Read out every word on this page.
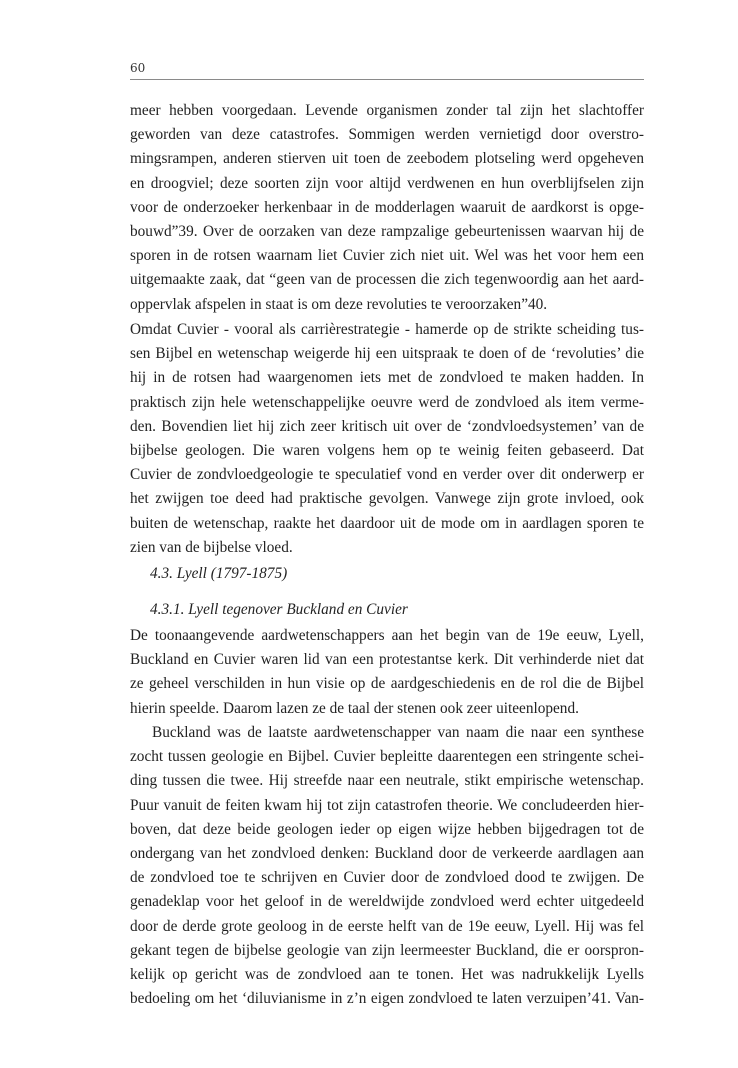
60
meer hebben voorgedaan. Levende organismen zonder tal zijn het slachtoffer
geworden van deze catastrofes. Sommigen werden vernietigd door overstro-
mingsrampen, anderen stierven uit toen de zeebodem plotseling werd opgeheven
en droogviel; deze soorten zijn voor altijd verdwenen en hun overblijfselen zijn
voor de onderzoeker herkenbaar in de modderlagen waaruit de aardkorst is opge-
bouwd”39. Over de oorzaken van deze rampzalige gebeurtenissen waarvan hij de
sporen in de rotsen waarnam liet Cuvier zich niet uit. Wel was het voor hem een
uitgemaakte zaak, dat “geen van de processen die zich tegenwoordig aan het aard-
oppervlak afspelen in staat is om deze revoluties te veroorzaken”40.
Omdat Cuvier - vooral als carrièrestrategie - hamerde op de strikte scheiding tus-
sen Bijbel en wetenschap weigerde hij een uitspraak te doen of de ‘revoluties’ die
hij in de rotsen had waargenomen iets met de zondvloed te maken hadden. In
praktisch zijn hele wetenschappelijke oeuvre werd de zondvloed als item verme-
den. Bovendien liet hij zich zeer kritisch uit over de ‘zondvloedsystemen’ van de
bijbelse geologen. Die waren volgens hem op te weinig feiten gebaseerd. Dat
Cuvier de zondvloedgeologie te speculatief vond en verder over dit onderwerp er
het zwijgen toe deed had praktische gevolgen. Vanwege zijn grote invloed, ook
buiten de wetenschap, raakte het daardoor uit de mode om in aardlagen sporen te
zien van de bijbelse vloed.
4.3. Lyell (1797-1875)
4.3.1. Lyell tegenover Buckland en Cuvier
De toonaangevende aardwetenschappers aan het begin van de 19e eeuw, Lyell,
Buckland en Cuvier waren lid van een protestantse kerk. Dit verhinderde niet dat
ze geheel verschilden in hun visie op de aardgeschiedenis en de rol die de Bijbel
hierin speelde. Daarom lazen ze de taal der stenen ook zeer uiteenlopend.
Buckland was de laatste aardwetenschapper van naam die naar een synthese
zocht tussen geologie en Bijbel. Cuvier bepleitte daarentegen een stringente schei-
ding tussen die twee. Hij streefde naar een neutrale, stikt empirische wetenschap.
Puur vanuit de feiten kwam hij tot zijn catastrofen theorie. We concludeerden hier-
boven, dat deze beide geologen ieder op eigen wijze hebben bijgedragen tot de
ondergang van het zondvloed denken: Buckland door de verkeerde aardlagen aan
de zondvloed toe te schrijven en Cuvier door de zondvloed dood te zwijgen. De
genadeklap voor het geloof in de wereldwijde zondvloed werd echter uitgedeeld
door de derde grote geoloog in de eerste helft van de 19e eeuw, Lyell. Hij was fel
gekant tegen de bijbelse geologie van zijn leermeester Buckland, die er oorspron-
kelijk op gericht was de zondvloed aan te tonen. Het was nadrukkelijk Lyells
bedoeling om het ‘diluvianisme in z’n eigen zondvloed te laten verzuipen’41. Van-
